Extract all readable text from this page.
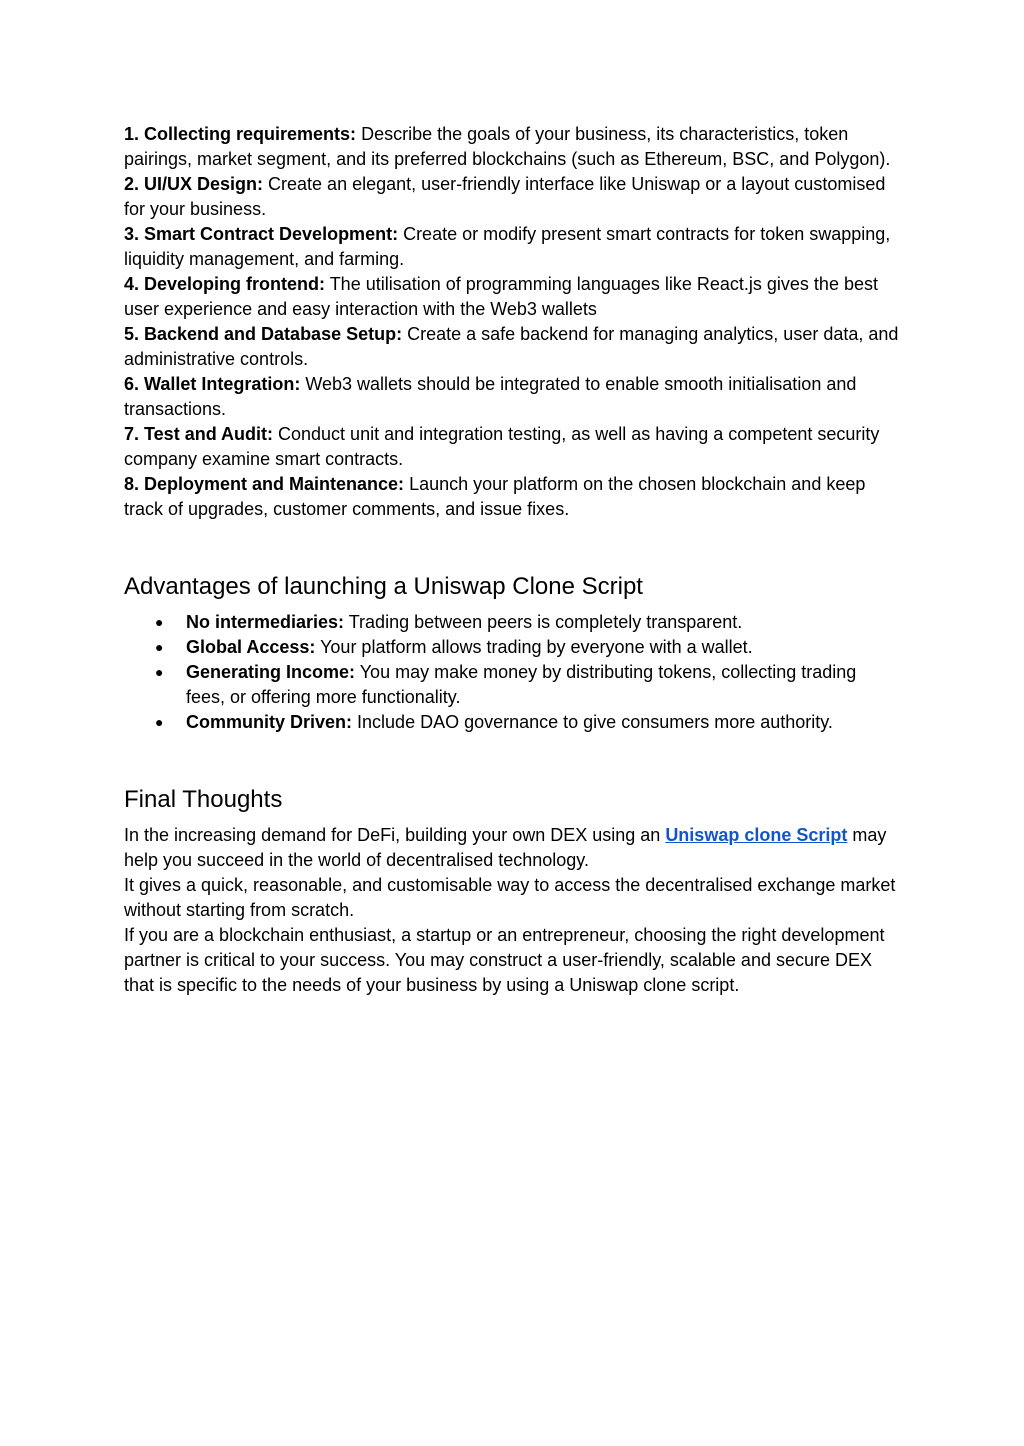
1. Collecting requirements: Describe the goals of your business, its characteristics, token pairings, market segment, and its preferred blockchains (such as Ethereum, BSC, and Polygon).

2. UI/UX Design: Create an elegant, user-friendly interface like Uniswap or a layout customised for your business.

3. Smart Contract Development: Create or modify present smart contracts for token swapping, liquidity management, and farming.

4. Developing frontend: The utilisation of programming languages like React.js gives the best user experience and easy interaction with the Web3 wallets

5. Backend and Database Setup: Create a safe backend for managing analytics, user data, and administrative controls.

6. Wallet Integration: Web3 wallets should be integrated to enable smooth initialisation and transactions.

7. Test and Audit: Conduct unit and integration testing, as well as having a competent security company examine smart contracts.

8. Deployment and Maintenance: Launch your platform on the chosen blockchain and keep track of upgrades, customer comments, and issue fixes.

Advantages of launching a Uniswap Clone Script
● No intermediaries: Trading between peers is completely transparent.
● Global Access: Your platform allows trading by everyone with a wallet.
● Generating Income: You may make money by distributing tokens, collecting trading fees, or offering more functionality.
● Community Driven: Include DAO governance to give consumers more authority.
Final Thoughts

In the increasing demand for DeFi, building your own DEX using an Uniswap clone Script may help you succeed in the world of decentralised technology.

It gives a quick, reasonable, and customisable way to access the decentralised exchange market without starting from scratch.

If you are a blockchain enthusiast, a startup or an entrepreneur, choosing the right development partner is critical to your success. You may construct a user-friendly, scalable and secure DEX that is specific to the needs of your business by using a Uniswap clone script.
